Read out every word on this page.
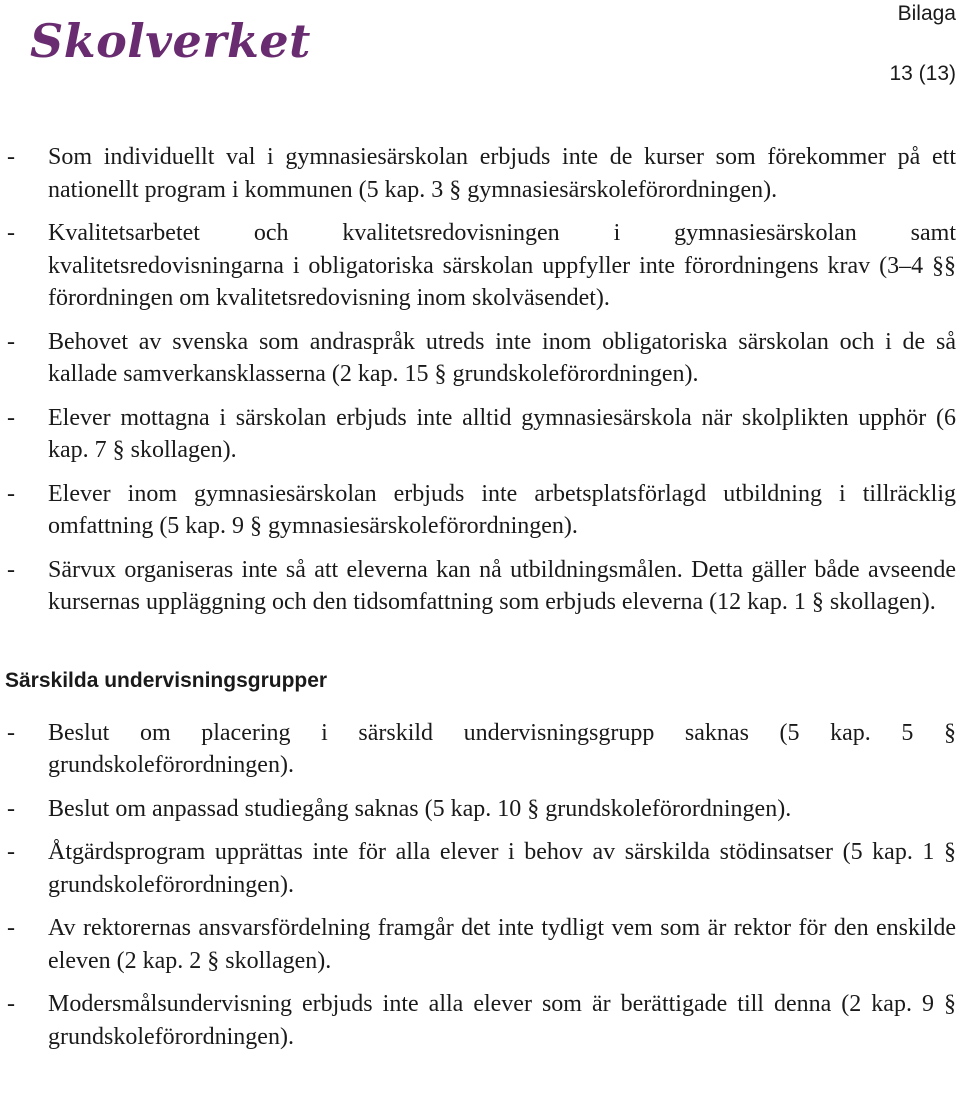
Skolverket
Bilaga
13 (13)
- Som individuellt val i gymnasiesärskolan erbjuds inte de kurser som förekommer på ett nationellt program i kommunen (5 kap. 3 § gymnasiesärskoleförordningen).
- Kvalitetsarbetet och kvalitetsredovisningen i gymnasiesärskolan samt kvalitetsredovisningarna i obligatoriska särskolan uppfyller inte förordningens krav (3–4 §§ förordningen om kvalitetsredovisning inom skolväsendet).
- Behovet av svenska som andraspråk utreds inte inom obligatoriska särskolan och i de så kallade samverkansklasserna (2 kap. 15 § grundskoleförordningen).
- Elever mottagna i särskolan erbjuds inte alltid gymnasiesärskola när skolplikten upphör (6 kap. 7 § skollagen).
- Elever inom gymnasiesärskolan erbjuds inte arbetsplatsförlagd utbildning i tillräcklig omfattning (5 kap. 9 § gymnasiesärskoleförordningen).
- Särvux organiseras inte så att eleverna kan nå utbildningsmålen. Detta gäller både avseende kursernas uppläggning och den tidsomfattning som erbjuds eleverna (12 kap. 1 § skollagen).
Särskilda undervisningsgrupper
- Beslut om placering i särskild undervisningsgrupp saknas (5 kap. 5 § grundskoleförordningen).
- Beslut om anpassad studiegång saknas (5 kap. 10 § grundskoleförordningen).
- Åtgärdsprogram upprättas inte för alla elever i behov av särskilda stödinsatser (5 kap. 1 § grundskoleförordningen).
- Av rektorernas ansvarsfördelning framgår det inte tydligt vem som är rektor för den enskilde eleven (2 kap. 2 § skollagen).
- Modersmålsundervisning erbjuds inte alla elever som är berättigade till denna (2 kap. 9 § grundskoleförordningen).
